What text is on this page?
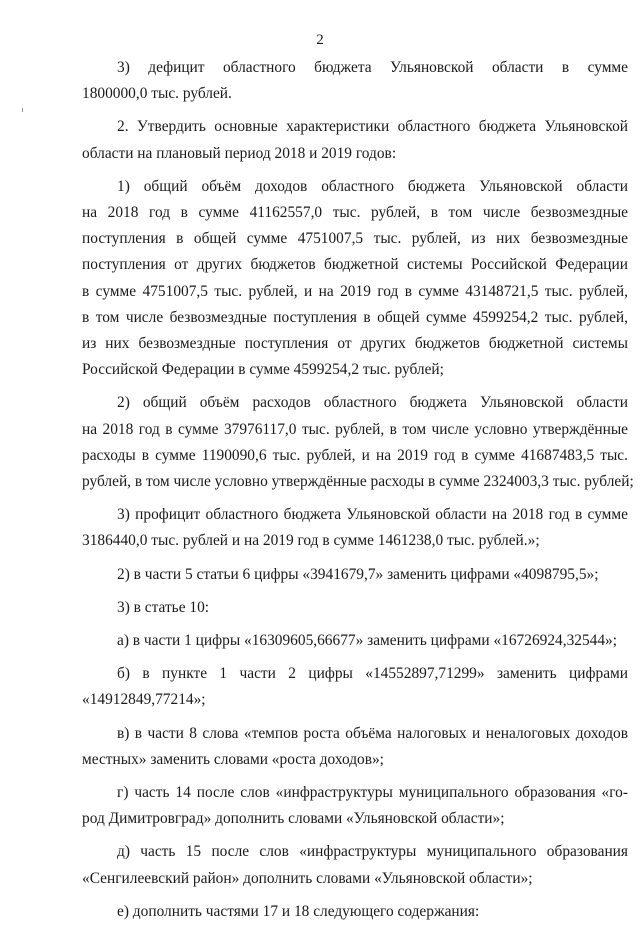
2
3) дефицит областного бюджета Ульяновской области в сумме
1800000,0 тыс. рублей.
2. Утвердить основные характеристики областного бюджета Ульяновской
области на плановый период 2018 и 2019 годов:
1) общий объём доходов областного бюджета Ульяновской области
на 2018 год в сумме 41162557,0 тыс. рублей, в том числе безвозмездные
поступления в общей сумме 4751007,5 тыс. рублей, из них безвозмездные
поступления от других бюджетов бюджетной системы Российской Федерации
в сумме 4751007,5 тыс. рублей, и на 2019 год в сумме 43148721,5 тыс. рублей,
в том числе безвозмездные поступления в общей сумме 4599254,2 тыс. рублей,
из них безвозмездные поступления от других бюджетов бюджетной системы
Российской Федерации в сумме 4599254,2 тыс. рублей;
2) общий объём расходов областного бюджета Ульяновской области
на 2018 год в сумме 37976117,0 тыс. рублей, в том числе условно утверждённые
расходы в сумме 1190090,6 тыс. рублей, и на 2019 год в сумме 41687483,5 тыс.
рублей, в том числе условно утверждённые расходы в сумме 2324003,3 тыс. рублей;
3) профицит областного бюджета Ульяновской области на 2018 год в сумме
3186440,0 тыс. рублей и на 2019 год в сумме 1461238,0 тыс. рублей.»;
2) в части 5 статьи 6 цифры «3941679,7» заменить цифрами «4098795,5»;
3) в статье 10:
а) в части 1 цифры «16309605,66677» заменить цифрами «16726924,32544»;
б) в пункте 1 части 2 цифры «14552897,71299» заменить цифрами
«14912849,77214»;
в) в части 8 слова «темпов роста объёма налоговых и неналоговых доходов
местных» заменить словами «роста доходов»;
г) часть 14 после слов «инфраструктуры муниципального образования «го-
род Димитровград» дополнить словами «Ульяновской области»;
д) часть 15 после слов «инфраструктуры муниципального образования
«Сенгилеевский район» дополнить словами «Ульяновской области»;
е) дополнить частями 17 и 18 следующего содержания:
